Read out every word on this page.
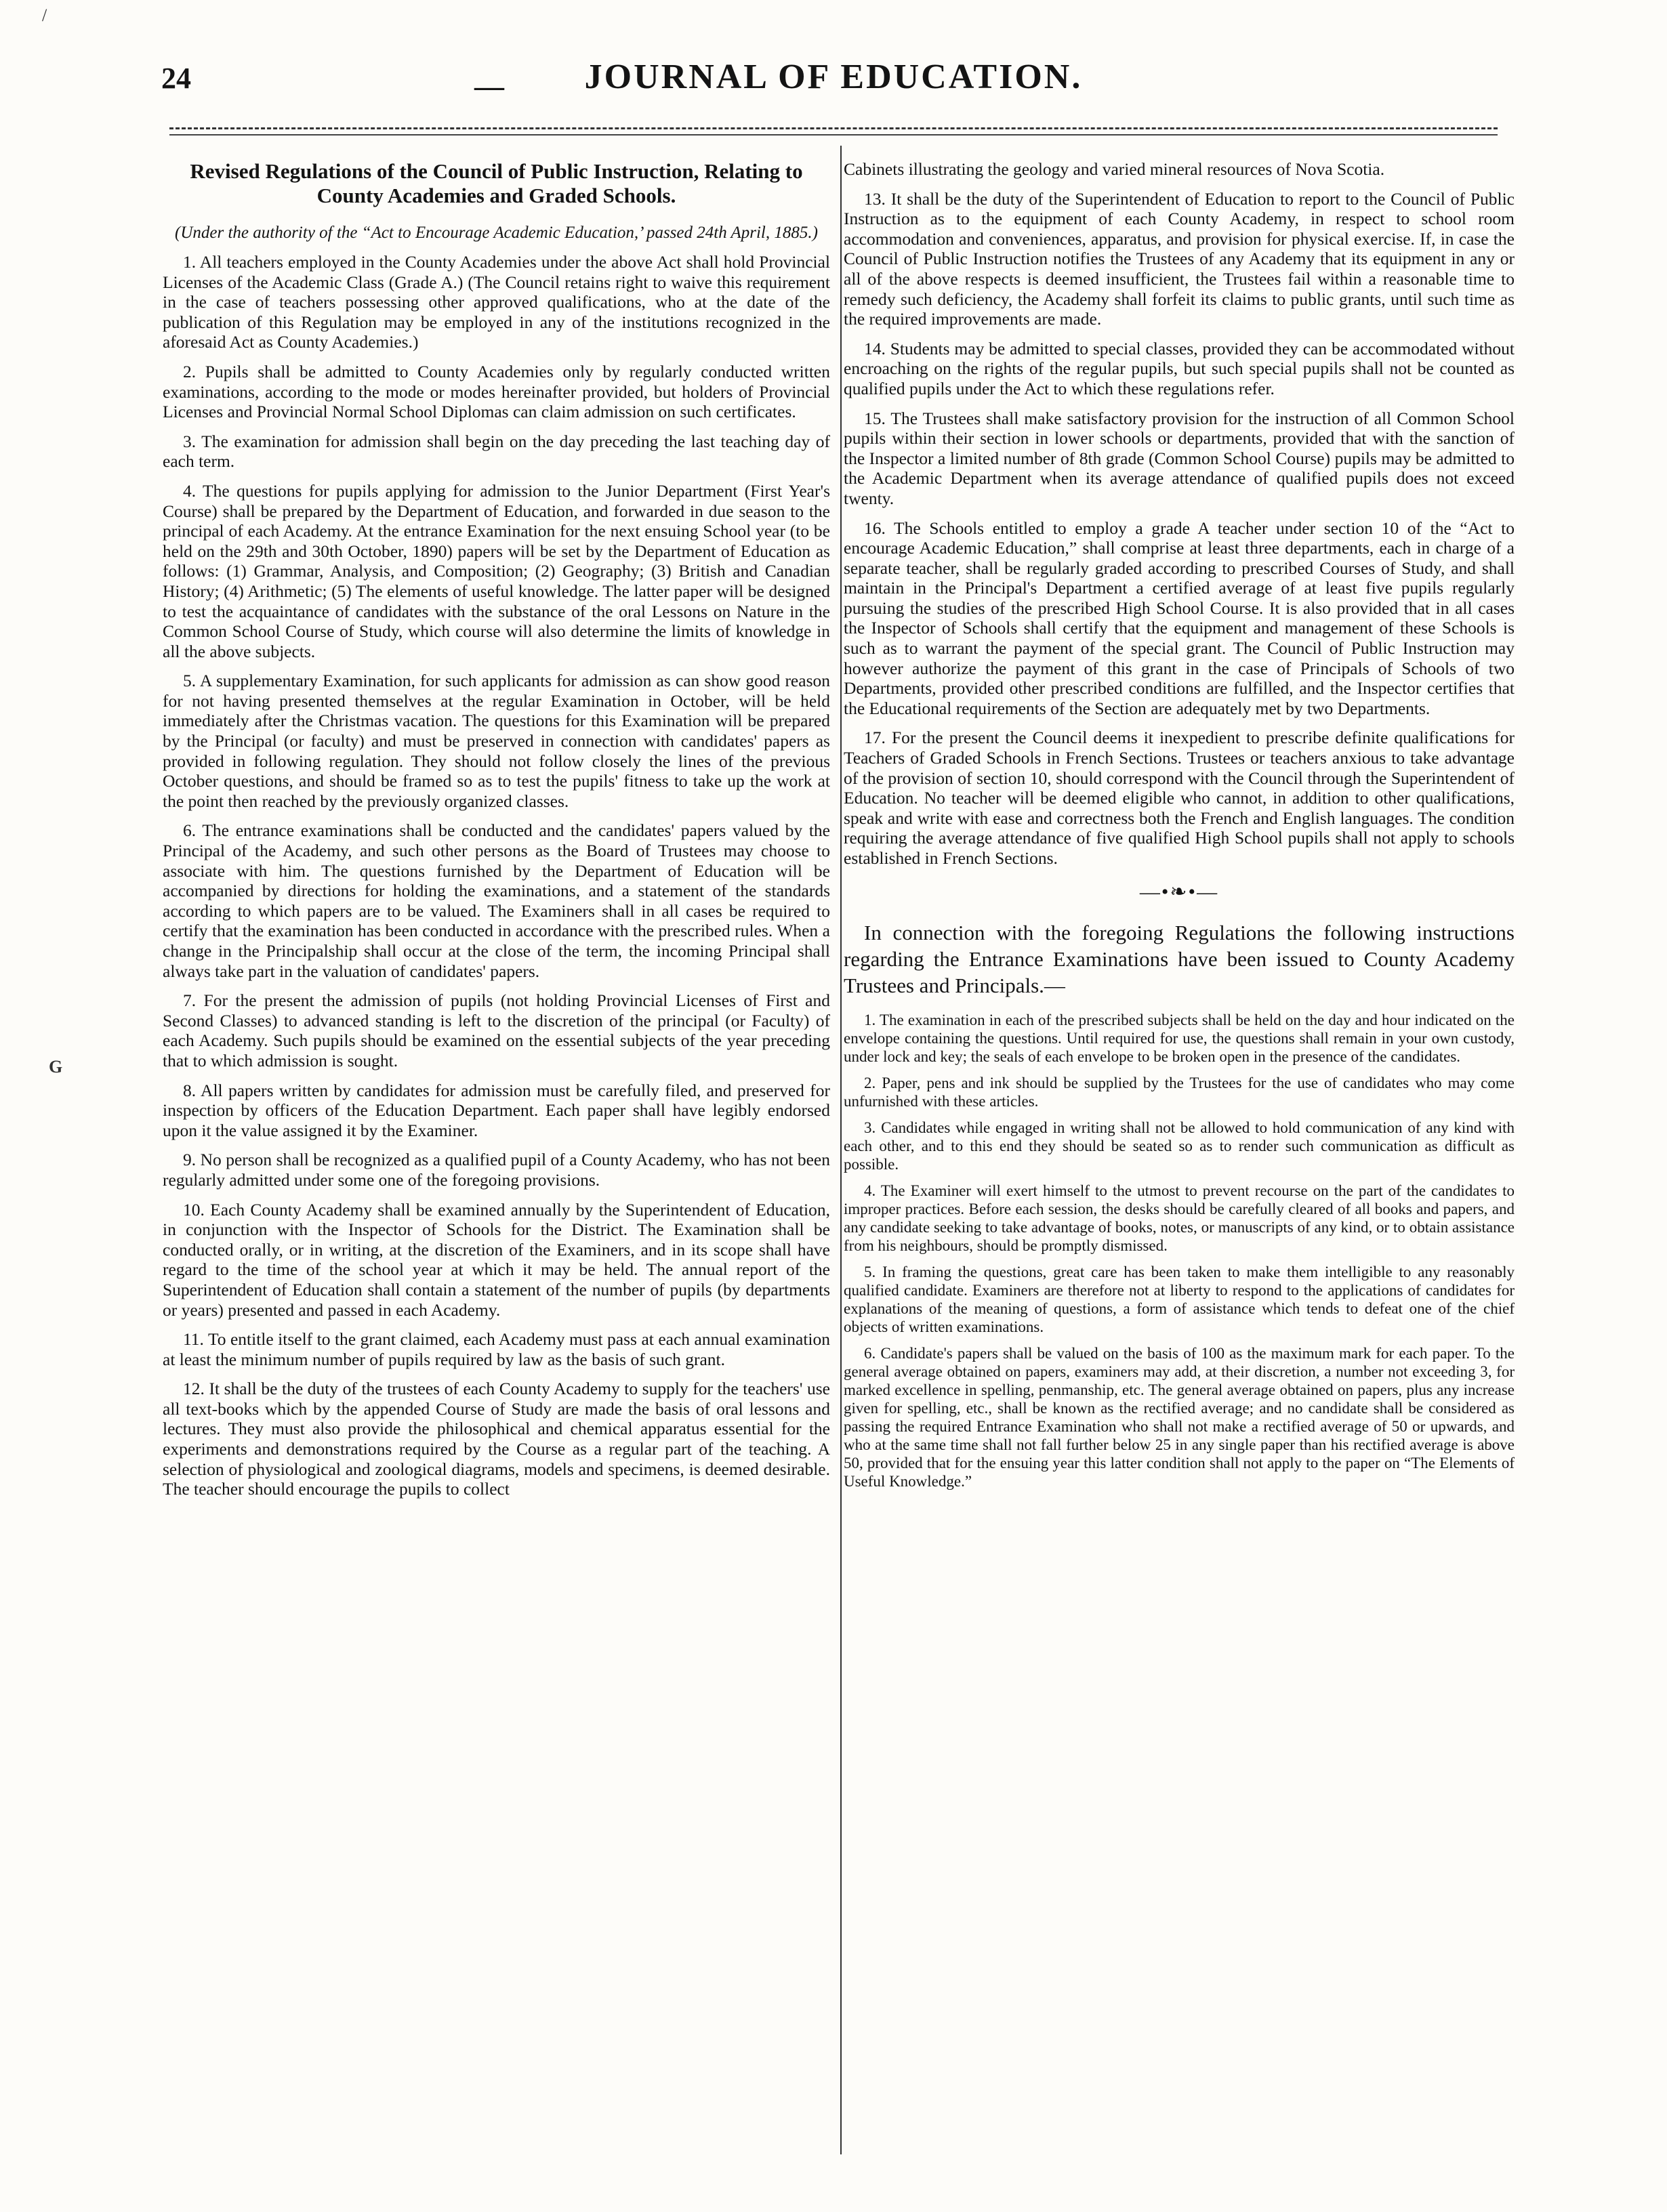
24	—	JOURNAL OF EDUCATION.
/
G
Revised Regulations of the Council of Public Instruction, Relating to County Academies and Graded Schools.
(Under the authority of the “Act to Encourage Academic Education,’ passed 24th April, 1885.)

1. All teachers employed in the County Academies under the above Act shall hold Provincial Licenses of the Academic Class (Grade A.) (The Council retains right to waive this requirement in the case of teachers possessing other approved qualifications, who at the date of the publication of this Regulation may be employed in any of the institutions recognized in the aforesaid Act as County Academies.)

2. Pupils shall be admitted to County Academies only by regularly conducted written examinations, according to the mode or modes hereinafter provided, but holders of Provincial Licenses and Provincial Normal School Diplomas can claim admission on such certificates.

3. The examination for admission shall begin on the day preceding the last teaching day of each term.

4. The questions for pupils applying for admission to the Junior Department (First Year's Course) shall be prepared by the Department of Education, and forwarded in due season to the principal of each Academy. At the entrance Examination for the next ensuing School year (to be held on the 29th and 30th October, 1890) papers will be set by the Department of Education as follows: (1) Grammar, Analysis, and Composition; (2) Geography; (3) British and Canadian History; (4) Arithmetic; (5) The elements of useful knowledge. The latter paper will be designed to test the acquaintance of candidates with the substance of the oral Lessons on Nature in the Common School Course of Study, which course will also determine the limits of knowledge in all the above subjects.

5. A supplementary Examination, for such applicants for admission as can show good reason for not having presented themselves at the regular Examination in October, will be held immediately after the Christmas vacation. The questions for this Examination will be prepared by the Principal (or faculty) and must be preserved in connection with candidates' papers as provided in following regulation. They should not follow closely the lines of the previous October questions, and should be framed so as to test the pupils' fitness to take up the work at the point then reached by the previously organized classes.

6. The entrance examinations shall be conducted and the candidates' papers valued by the Principal of the Academy, and such other persons as the Board of Trustees may choose to associate with him. The questions furnished by the Department of Education will be accompanied by directions for holding the examinations, and a statement of the standards according to which papers are to be valued. The Examiners shall in all cases be required to certify that the examination has been conducted in accordance with the prescribed rules. When a change in the Principalship shall occur at the close of the term, the incoming Principal shall always take part in the valuation of candidates' papers.

7. For the present the admission of pupils (not holding Provincial Licenses of First and Second Classes) to advanced standing is left to the discretion of the principal (or Faculty) of each Academy. Such pupils should be examined on the essential subjects of the year preceding that to which admission is sought.

8. All papers written by candidates for admission must be carefully filed, and preserved for inspection by officers of the Education Department. Each paper shall have legibly endorsed upon it the value assigned it by the Examiner.

9. No person shall be recognized as a qualified pupil of a County Academy, who has not been regularly admitted under some one of the foregoing provisions.

10. Each County Academy shall be examined annually by the Superintendent of Education, in conjunction with the Inspector of Schools for the District. The Examination shall be conducted orally, or in writing, at the discretion of the Examiners, and in its scope shall have regard to the time of the school year at which it may be held. The annual report of the Superintendent of Education shall contain a statement of the number of pupils (by departments or years) presented and passed in each Academy.

11. To entitle itself to the grant claimed, each Academy must pass at each annual examination at least the minimum number of pupils required by law as the basis of such grant.

12. It shall be the duty of the trustees of each County Academy to supply for the teachers' use all text-books which by the appended Course of Study are made the basis of oral lessons and lectures. They must also provide the philosophical and chemical apparatus essential for the experiments and demonstrations required by the Course as a regular part of the teaching. A selection of physiological and zoological diagrams, models and specimens, is deemed desirable. The teacher should encourage the pupils to collect

Cabinets illustrating the geology and varied mineral resources of Nova Scotia.

13. It shall be the duty of the Superintendent of Education to report to the Council of Public Instruction as to the equipment of each County Academy, in respect to school room accommodation and conveniences, apparatus, and provision for physical exercise. If, in case the Council of Public Instruction notifies the Trustees of any Academy that its equipment in any or all of the above respects is deemed insufficient, the Trustees fail within a reasonable time to remedy such deficiency, the Academy shall forfeit its claims to public grants, until such time as the required improvements are made.

14. Students may be admitted to special classes, provided they can be accommodated without encroaching on the rights of the regular pupils, but such special pupils shall not be counted as qualified pupils under the Act to which these regulations refer.

15. The Trustees shall make satisfactory provision for the instruction of all Common School pupils within their section in lower schools or departments, provided that with the sanction of the Inspector a limited number of 8th grade (Common School Course) pupils may be admitted to the Academic Department when its average attendance of qualified pupils does not exceed twenty.

16. The Schools entitled to employ a grade A teacher under section 10 of the “Act to encourage Academic Education,” shall comprise at least three departments, each in charge of a separate teacher, shall be regularly graded according to prescribed Courses of Study, and shall maintain in the Principal's Department a certified average of at least five pupils regularly pursuing the studies of the prescribed High School Course. It is also provided that in all cases the Inspector of Schools shall certify that the equipment and management of these Schools is such as to warrant the payment of the special grant. The Council of Public Instruction may however authorize the payment of this grant in the case of Principals of Schools of two Departments, provided other prescribed conditions are fulfilled, and the Inspector certifies that the Educational requirements of the Section are adequately met by two Departments.

17. For the present the Council deems it inexpedient to prescribe definite qualifications for Teachers of Graded Schools in French Sections. Trustees or teachers anxious to take advantage of the provision of section 10, should correspond with the Council through the Superintendent of Education. No teacher will be deemed eligible who cannot, in addition to other qualifications, speak and write with ease and correctness both the French and English languages. The condition requiring the average attendance of five qualified High School pupils shall not apply to schools established in French Sections.

—•❧•—
In connection with the foregoing Regulations the following instructions regarding the Entrance Examinations have been issued to County Academy Trustees and Principals.—

1. The examination in each of the prescribed subjects shall be held on the day and hour indicated on the envelope containing the questions. Until required for use, the questions shall remain in your own custody, under lock and key; the seals of each envelope to be broken open in the presence of the candidates.

2. Paper, pens and ink should be supplied by the Trustees for the use of candidates who may come unfurnished with these articles.

3. Candidates while engaged in writing shall not be allowed to hold communication of any kind with each other, and to this end they should be seated so as to render such communication as difficult as possible.

4. The Examiner will exert himself to the utmost to prevent recourse on the part of the candidates to improper practices. Before each session, the desks should be carefully cleared of all books and papers, and any candidate seeking to take advantage of books, notes, or manuscripts of any kind, or to obtain assistance from his neighbours, should be promptly dismissed.

5. In framing the questions, great care has been taken to make them intelligible to any reasonably qualified candidate. Examiners are therefore not at liberty to respond to the applications of candidates for explanations of the meaning of questions, a form of assistance which tends to defeat one of the chief objects of written examinations.

6. Candidate's papers shall be valued on the basis of 100 as the maximum mark for each paper. To the general average obtained on papers, examiners may add, at their discretion, a number not exceeding 3, for marked excellence in spelling, penmanship, etc. The general average obtained on papers, plus any increase given for spelling, etc., shall be known as the rectified average; and no candidate shall be considered as passing the required Entrance Examination who shall not make a rectified average of 50 or upwards, and who at the same time shall not fall further below 25 in any single paper than his rectified average is above 50, provided that for the ensuing year this latter condition shall not apply to the paper on “The Elements of Useful Knowledge.”
